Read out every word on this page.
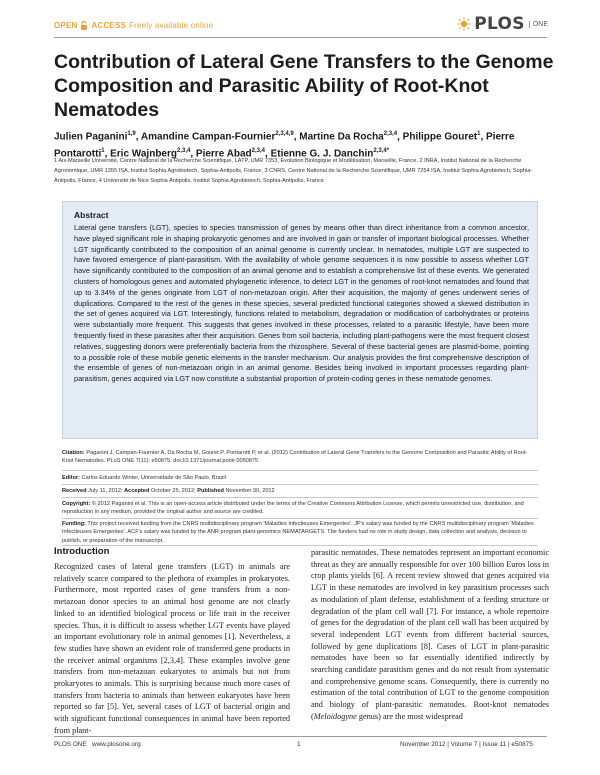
OPEN ACCESS Freely available online	PLOS	ONE
Contribution of Lateral Gene Transfers to the Genome Composition and Parasitic Ability of Root-Knot Nematodes
Julien Paganini$^{1,9}$, Amandine Campan-Fournier$^{2,3,4,9}$, Martine Da Rocha$^{2,3,4}$, Philippe Gouret$^1$, Pierre Pontarotti$^1$, Eric Wajnberg$^{2,3,4}$, Pierre Abad$^{2,3,4}$, Etienne G. J. Danchin$^{2,3,4*}$
1 Aix-Marseille Université, Centre National de la Recherche Scientifique, LATP, UMR 7353, Evolution Biologique et Modélisation, Marseille, France, 2 INRA, Institut National de la Recherche Agronomique, UMR 1355 ISA, Institut Sophia Agrobiotech, Sophia-Antipolis, France, 3 CNRS, Centre National de la Recherche Scientifique, UMR 7254 ISA, Institut Sophia Agrobiotech, Sophia-Antipolis, France, 4 Université de Nice Sophia Antipolis, Institut Sophia Agrobiotech, Sophia-Antipolis, France
Abstract
Lateral gene transfers (LGT), species to species transmission of genes by means other than direct inheritance from a common ancestor, have played significant role in shaping prokaryotic genomes and are involved in gain or transfer of important biological processes. Whether LGT significantly contributed to the composition of an animal genome is currently unclear. In nematodes, multiple LGT are suspected to have favored emergence of plant-parasitism. With the availability of whole genome sequences it is now possible to assess whether LGT have significantly contributed to the composition of an animal genome and to establish a comprehensive list of these events. We generated clusters of homologous genes and automated phylogenetic inference, to detect LGT in the genomes of root-knot nematodes and found that up to 3.34% of the genes originate from LGT of non-metazoan origin. After their acquisition, the majority of genes underwent series of duplications. Compared to the rest of the genes in these species, several predicted functional categories showed a skewed distribution in the set of genes acquired via LGT. Interestingly, functions related to metabolism, degradation or modification of carbohydrates or proteins were substantially more frequent. This suggests that genes involved in these processes, related to a parasitic lifestyle, have been more frequently fixed in these parasites after their acquisition. Genes from soil bacteria, including plant-pathogens were the most frequent closest relatives, suggesting donors were preferentially bacteria from the rhizosphere. Several of these bacterial genes are plasmid-borne, pointing to a possible role of these mobile genetic elements in the transfer mechanism. Our analysis provides the first comprehensive description of the ensemble of genes of non-metazoan origin in an animal genome. Besides being involved in important processes regarding plant-parasitism, genes acquired via LGT now constitute a substantial proportion of protein-coding genes in these nematode genomes.
Citation: Paganini J, Campan-Fournier A, Da Rocha M, Gouret P, Pontarotti P, et al. (2012) Contribution of Lateral Gene Transfers to the Genome Composition and Parasitic Ability of Root-Knot Nematodes. PLoS ONE 7(11): e50875. doi:10.1371/journal.pone.0050875
Editor: Carlos Eduardo Winter, Universidade de São Paulo, Brazil
Received July 11, 2012; Accepted October 25, 2012; Published November 30, 2012
Copyright: © 2012 Paganini et al. This is an open-access article distributed under the terms of the Creative Commons Attribution License, which permits unrestricted use, distribution, and reproduction in any medium, provided the original author and source are credited.
Funding: This project received funding from the CNRS multidisciplinary program 'Maladies Infectieuses Emergentes'. JP's salary was funded by the CNRS multidisciplinary program 'Maladies Infectieuses Emergentes'. ACF's salary was funded by the ANR program plant-genomics NEMATARGETS. The funders had no role in study design, data collection and analysis, decision to publish, or preparation of the manuscript.
Introduction
Recognized cases of lateral gene transfers (LGT) in animals are relatively scarce compared to the plethora of examples in prokaryotes. Furthermore, most reported cases of gene transfers from a non-metazoan donor species to an animal host genome are not clearly linked to an identified biological process or life trait in the receiver species. Thus, it is difficult to assess whether LGT events have played an important evolutionary role in animal genomes [1]. Nevertheless, a few studies have shown an evident role of transferred gene products in the receiver animal organisms [2,3,4]. These examples involve gene transfers from non-metazoan eukaryotes to animals but not from prokaryotes to animals. This is surprising because much more cases of transfers from bacteria to animals than between eukaryotes have been reported so far [5]. Yet, several cases of LGT of bacterial origin and with significant functional consequences in animal have been reported from plant-
parasitic nematodes. These nematodes represent an important economic threat as they are annually responsible for over 100 billion Euros loss in crop plants yields [6]. A recent review showed that genes acquired via LGT in these nematodes are involved in key parasitism processes such as modulation of plant defense, establishment of a feeding structure or degradation of the plant cell wall [7]. For instance, a whole repertoire of genes for the degradation of the plant cell wall has been acquired by several independent LGT events from different bacterial sources, followed by gene duplications [8]. Cases of LGT in plant-parasitic nematodes have been so far essentially identified indirectly by searching candidate parasitism genes and do not result from systematic and comprehensive genome scans. Consequently, there is currently no estimation of the total contribution of LGT to the genome composition and biology of plant-parasitic nematodes. Root-knot nematodes (Meloidogyne genus) are the most widespread
PLOS ONE www.plosone.org	1	November 2012 | Volume 7 | Issue 11 | e50875
